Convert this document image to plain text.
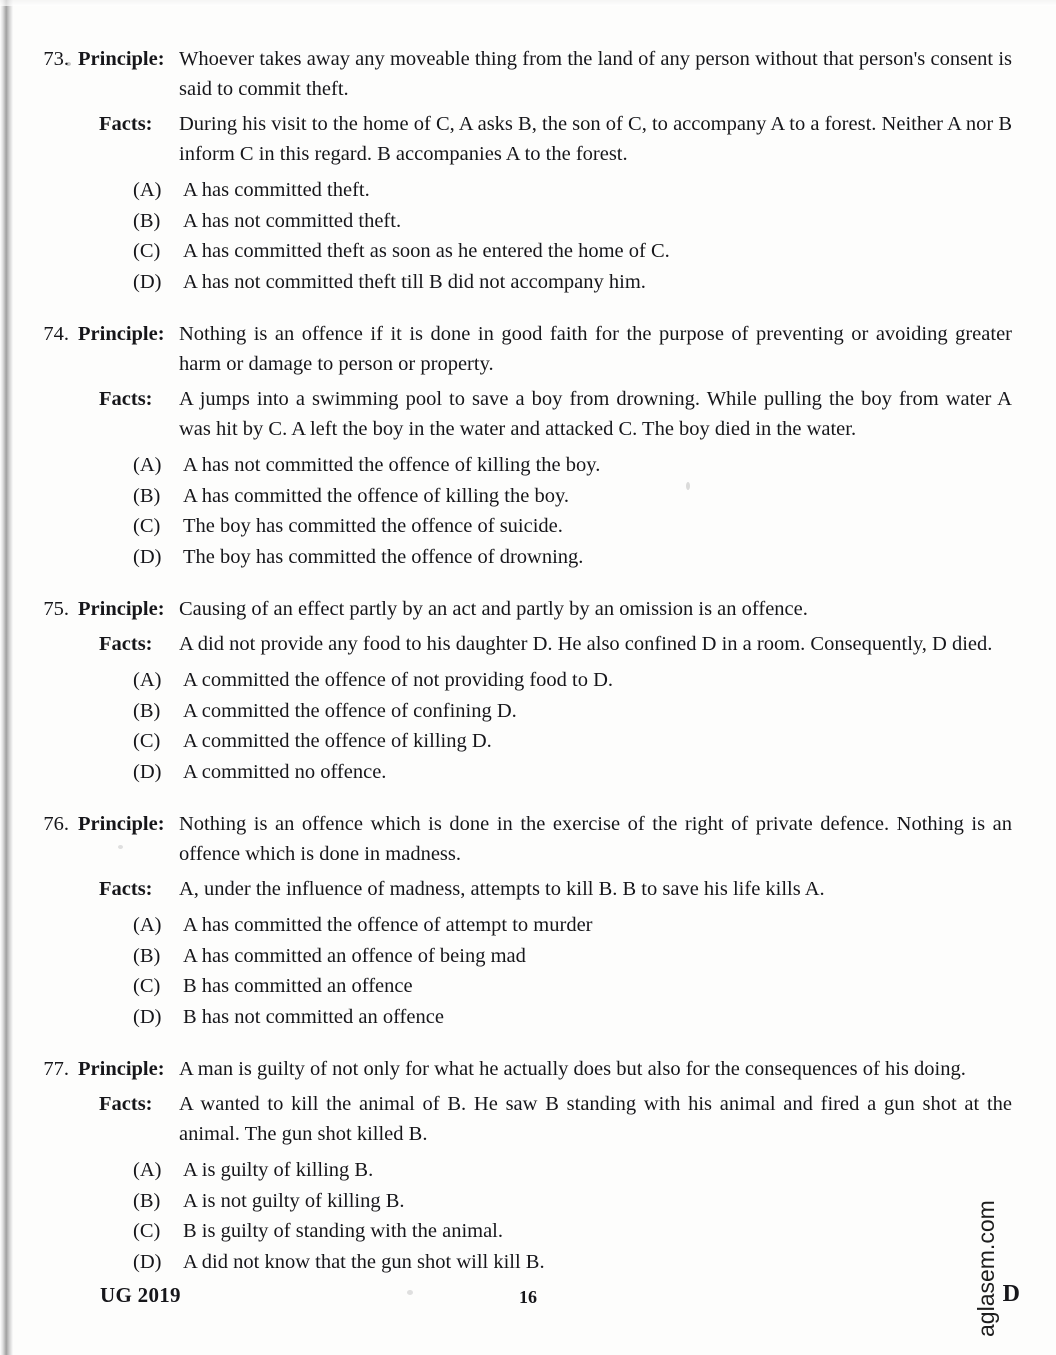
73. Principle: Whoever takes away any moveable thing from the land of any person without that person's consent is said to commit theft.
Facts:	During his visit to the home of C, A asks B, the son of C, to accompany A to a forest. Neither A nor B inform C in this regard. B accompanies A to the forest.
(A)	A has committed theft.
(B)	A has not committed theft.
(C)	A has committed theft as soon as he entered the home of C.
(D)	A has not committed theft till B did not accompany him.
74. Principle: Nothing is an offence if it is done in good faith for the purpose of preventing or avoiding greater harm or damage to person or property.
Facts:	A jumps into a swimming pool to save a boy from drowning. While pulling the boy from water A was hit by C. A left the boy in the water and attacked C. The boy died in the water.
(A)	A has not committed the offence of killing the boy.
(B)	A has committed the offence of killing the boy.
(C)	The boy has committed the offence of suicide.
(D)	The boy has committed the offence of drowning.
75. Principle: Causing of an effect partly by an act and partly by an omission is an offence.
Facts:	A did not provide any food to his daughter D. He also confined D in a room. Consequently, D died.
(A)	A committed the offence of not providing food to D.
(B)	A committed the offence of confining D.
(C)	A committed the offence of killing D.
(D)	A committed no offence.
76. Principle: Nothing is an offence which is done in the exercise of the right of private defence. Nothing is an offence which is done in madness.
Facts:	A, under the influence of madness, attempts to kill B. B to save his life kills A.
(A)	A has committed the offence of attempt to murder
(B)	A has committed an offence of being mad
(C)	B has committed an offence
(D)	B has not committed an offence
77. Principle: A man is guilty of not only for what he actually does but also for the consequences of his doing.
Facts:	A wanted to kill the animal of B. He saw B standing with his animal and fired a gun shot at the animal. The gun shot killed B.
(A)	A is guilty of killing B.
(B)	A is not guilty of killing B.
(C)	B is guilty of standing with the animal.
(D)	A did not know that the gun shot will kill B.
UG 2019	16	D
aglasem.com
